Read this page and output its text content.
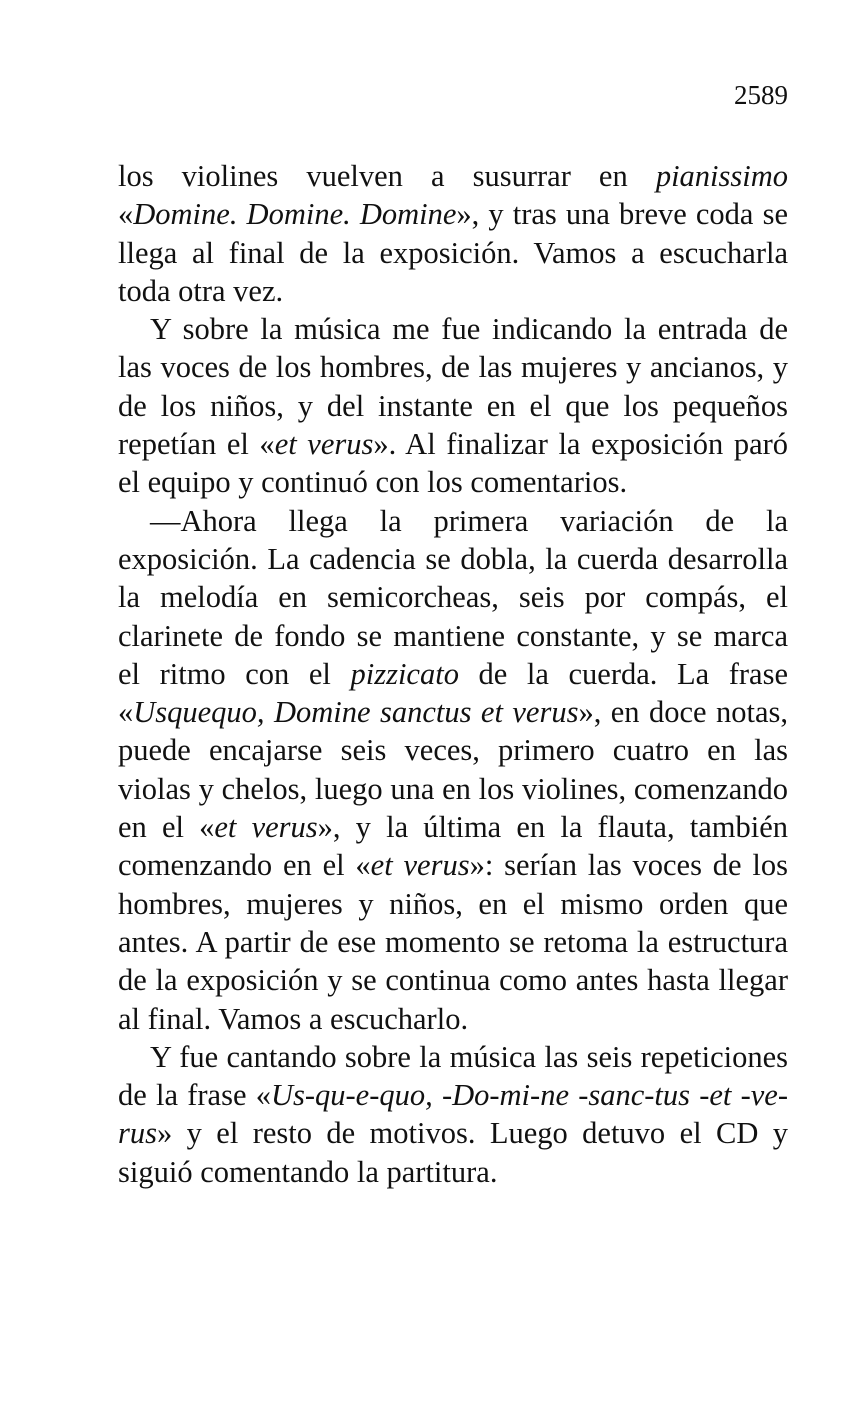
2589

los violines vuelven a susurrar en pianissimo «Domine. Domine. Domine», y tras una breve coda se llega al final de la exposición. Vamos a escucharla toda otra vez.

Y sobre la música me fue indicando la entrada de las voces de los hombres, de las mujeres y ancianos, y de los niños, y del instante en el que los pequeños repetían el «et verus». Al finalizar la exposición paró el equipo y continuó con los comentarios.

—Ahora llega la primera variación de la exposición. La cadencia se dobla, la cuerda desarrolla la melodía en semicorcheas, seis por compás, el clarinete de fondo se mantiene constante, y se marca el ritmo con el pizzicato de la cuerda. La frase «Usquequo, Domine sanctus et verus», en doce notas, puede encajarse seis veces, primero cuatro en las violas y chelos, luego una en los violines, comenzando en el «et verus», y la última en la flauta, también comenzando en el «et verus»: serían las voces de los hombres, mujeres y niños, en el mismo orden que antes. A partir de ese momento se retoma la estructura de la exposición y se continua como antes hasta llegar al final. Vamos a escucharlo.

Y fue cantando sobre la música las seis repeticiones de la frase «Us-qu-e-quo, -Do-mi-ne -sanc-tus -et -ve-rus» y el resto de motivos. Luego detuvo el CD y siguió comentando la partitura.
